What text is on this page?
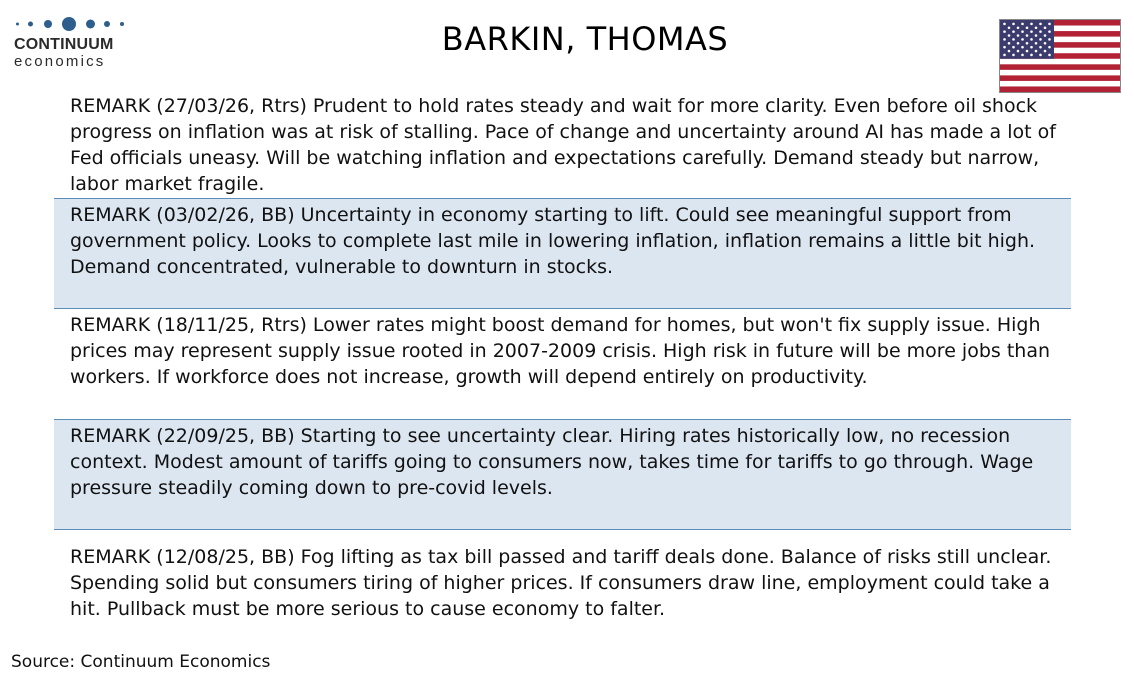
CONTINUUM
economics
BARKIN, THOMAS
REMARK (27/03/26, Rtrs) Prudent to hold rates steady and wait for more clarity. Even before oil shock progress on inflation was at risk of stalling. Pace of change and uncertainty around AI has made a lot of Fed officials uneasy. Will be watching inflation and expectations carefully. Demand steady but narrow, labor market fragile.
REMARK (03/02/26, BB) Uncertainty in economy starting to lift. Could see meaningful support from government policy. Looks to complete last mile in lowering inflation, inflation remains a little bit high. Demand concentrated, vulnerable to downturn in stocks.
REMARK (18/11/25, Rtrs) Lower rates might boost demand for homes, but won't fix supply issue. High prices may represent supply issue rooted in 2007-2009 crisis. High risk in future will be more jobs than workers. If workforce does not increase, growth will depend entirely on productivity.
REMARK (22/09/25, BB) Starting to see uncertainty clear. Hiring rates historically low, no recession context. Modest amount of tariffs going to consumers now, takes time for tariffs to go through. Wage pressure steadily coming down to pre-covid levels.
REMARK (12/08/25, BB) Fog lifting as tax bill passed and tariff deals done. Balance of risks still unclear. Spending solid but consumers tiring of higher prices. If consumers draw line, employment could take a hit. Pullback must be more serious to cause economy to falter.
Source: Continuum Economics
